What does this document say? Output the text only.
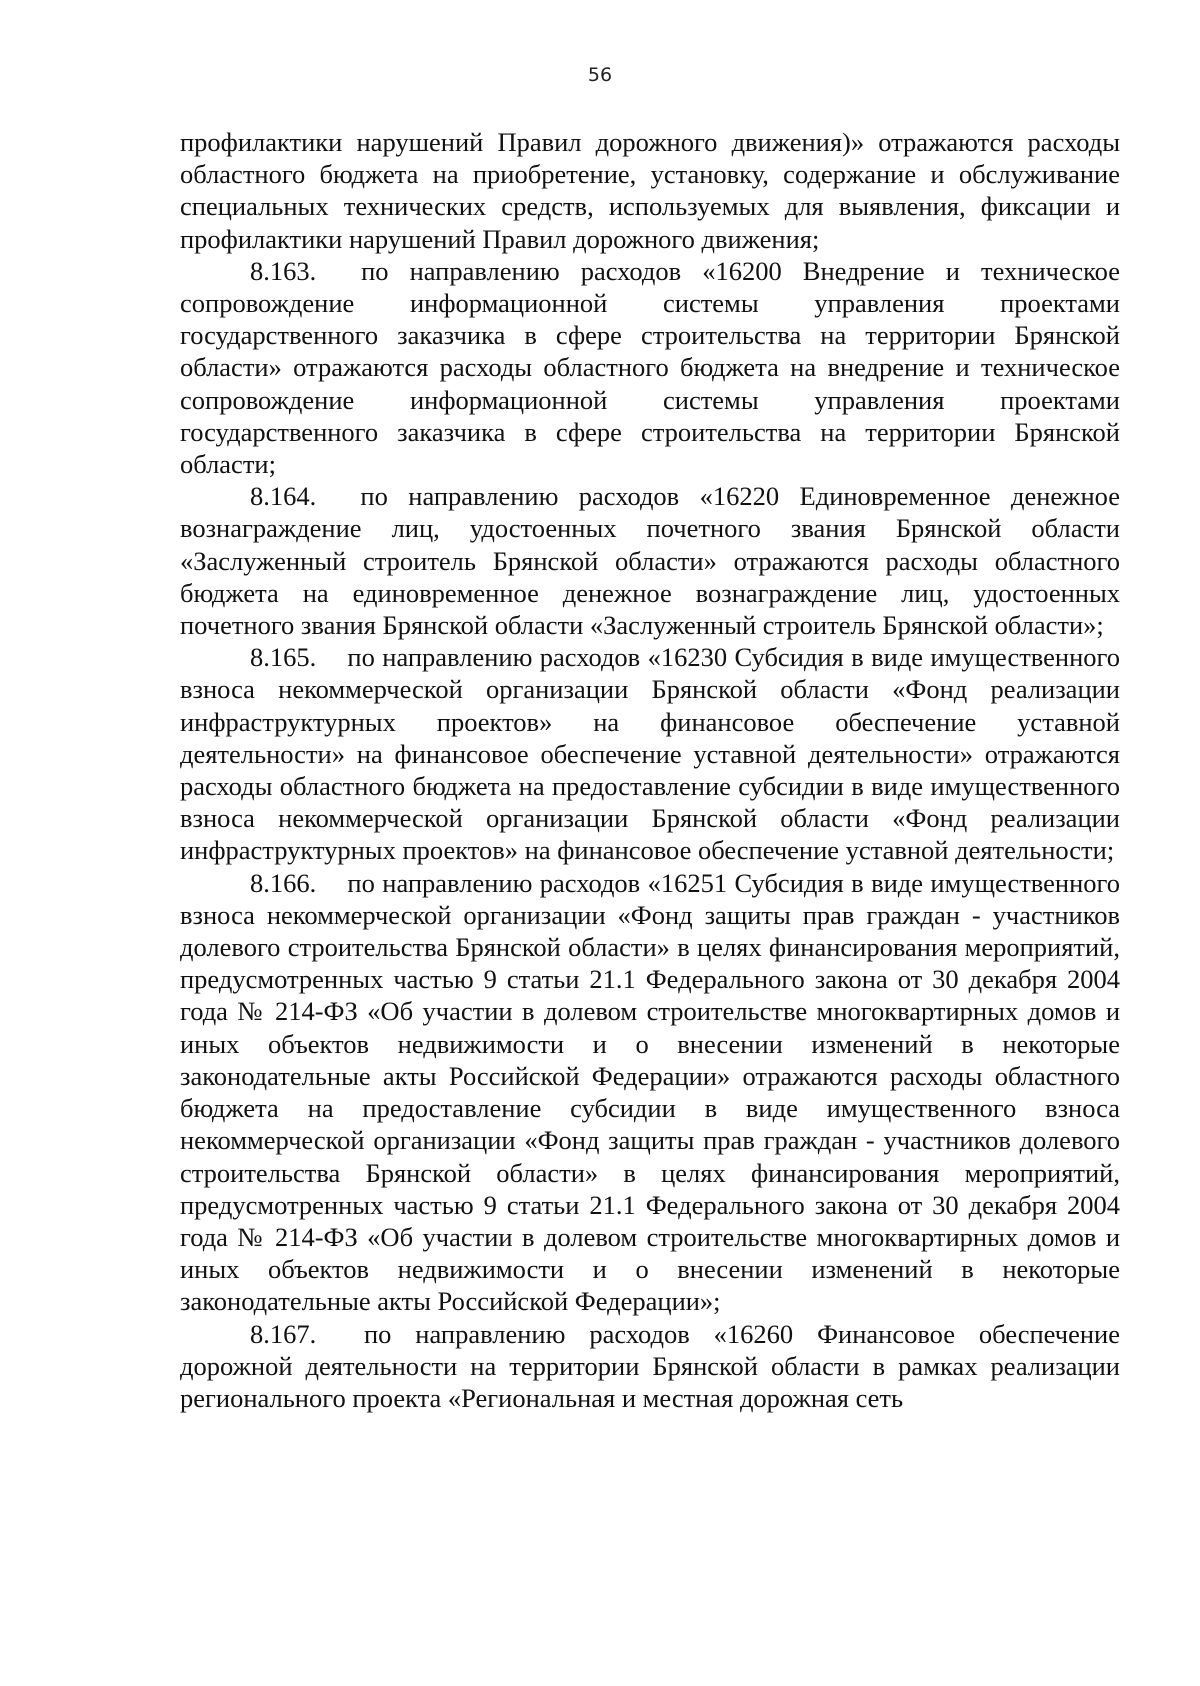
56

профилактики нарушений Правил дорожного движения)» отражаются расходы областного бюджета на приобретение, установку, содержание и обслуживание специальных технических средств, используемых для выявления, фиксации и профилактики нарушений Правил дорожного движения;

8.163. по направлению расходов «16200 Внедрение и техническое сопровождение информационной системы управления проектами государственного заказчика в сфере строительства на территории Брянской области» отражаются расходы областного бюджета на внедрение и техническое сопровождение информационной системы управления проектами государственного заказчика в сфере строительства на территории Брянской области;

8.164. по направлению расходов «16220 Единовременное денежное вознаграждение лиц, удостоенных почетного звания Брянской области «Заслуженный строитель Брянской области» отражаются расходы областного бюджета на единовременное денежное вознаграждение лиц, удостоенных почетного звания Брянской области «Заслуженный строитель Брянской области»;

8.165. по направлению расходов «16230 Субсидия в виде имущественного взноса некоммерческой организации Брянской области «Фонд реализации инфраструктурных проектов» на финансовое обеспечение уставной деятельности» на финансовое обеспечение уставной деятельности» отражаются расходы областного бюджета на предоставление субсидии в виде имущественного взноса некоммерческой организации Брянской области «Фонд реализации инфраструктурных проектов» на финансовое обеспечение уставной деятельности;

8.166. по направлению расходов «16251 Субсидия в виде имущественного взноса некоммерческой организации «Фонд защиты прав граждан - участников долевого строительства Брянской области» в целях финансирования мероприятий, предусмотренных частью 9 статьи 21.1 Федерального закона от 30 декабря 2004 года № 214-ФЗ «Об участии в долевом строительстве многоквартирных домов и иных объектов недвижимости и о внесении изменений в некоторые законодательные акты Российской Федерации» отражаются расходы областного бюджета на предоставление субсидии в виде имущественного взноса некоммерческой организации «Фонд защиты прав граждан - участников долевого строительства Брянской области» в целях финансирования мероприятий, предусмотренных частью 9 статьи 21.1 Федерального закона от 30 декабря 2004 года № 214-ФЗ «Об участии в долевом строительстве многоквартирных домов и иных объектов недвижимости и о внесении изменений в некоторые законодательные акты Российской Федерации»;

8.167. по направлению расходов «16260 Финансовое обеспечение дорожной деятельности на территории Брянской области в рамках реализации регионального проекта «Региональная и местная дорожная сеть
